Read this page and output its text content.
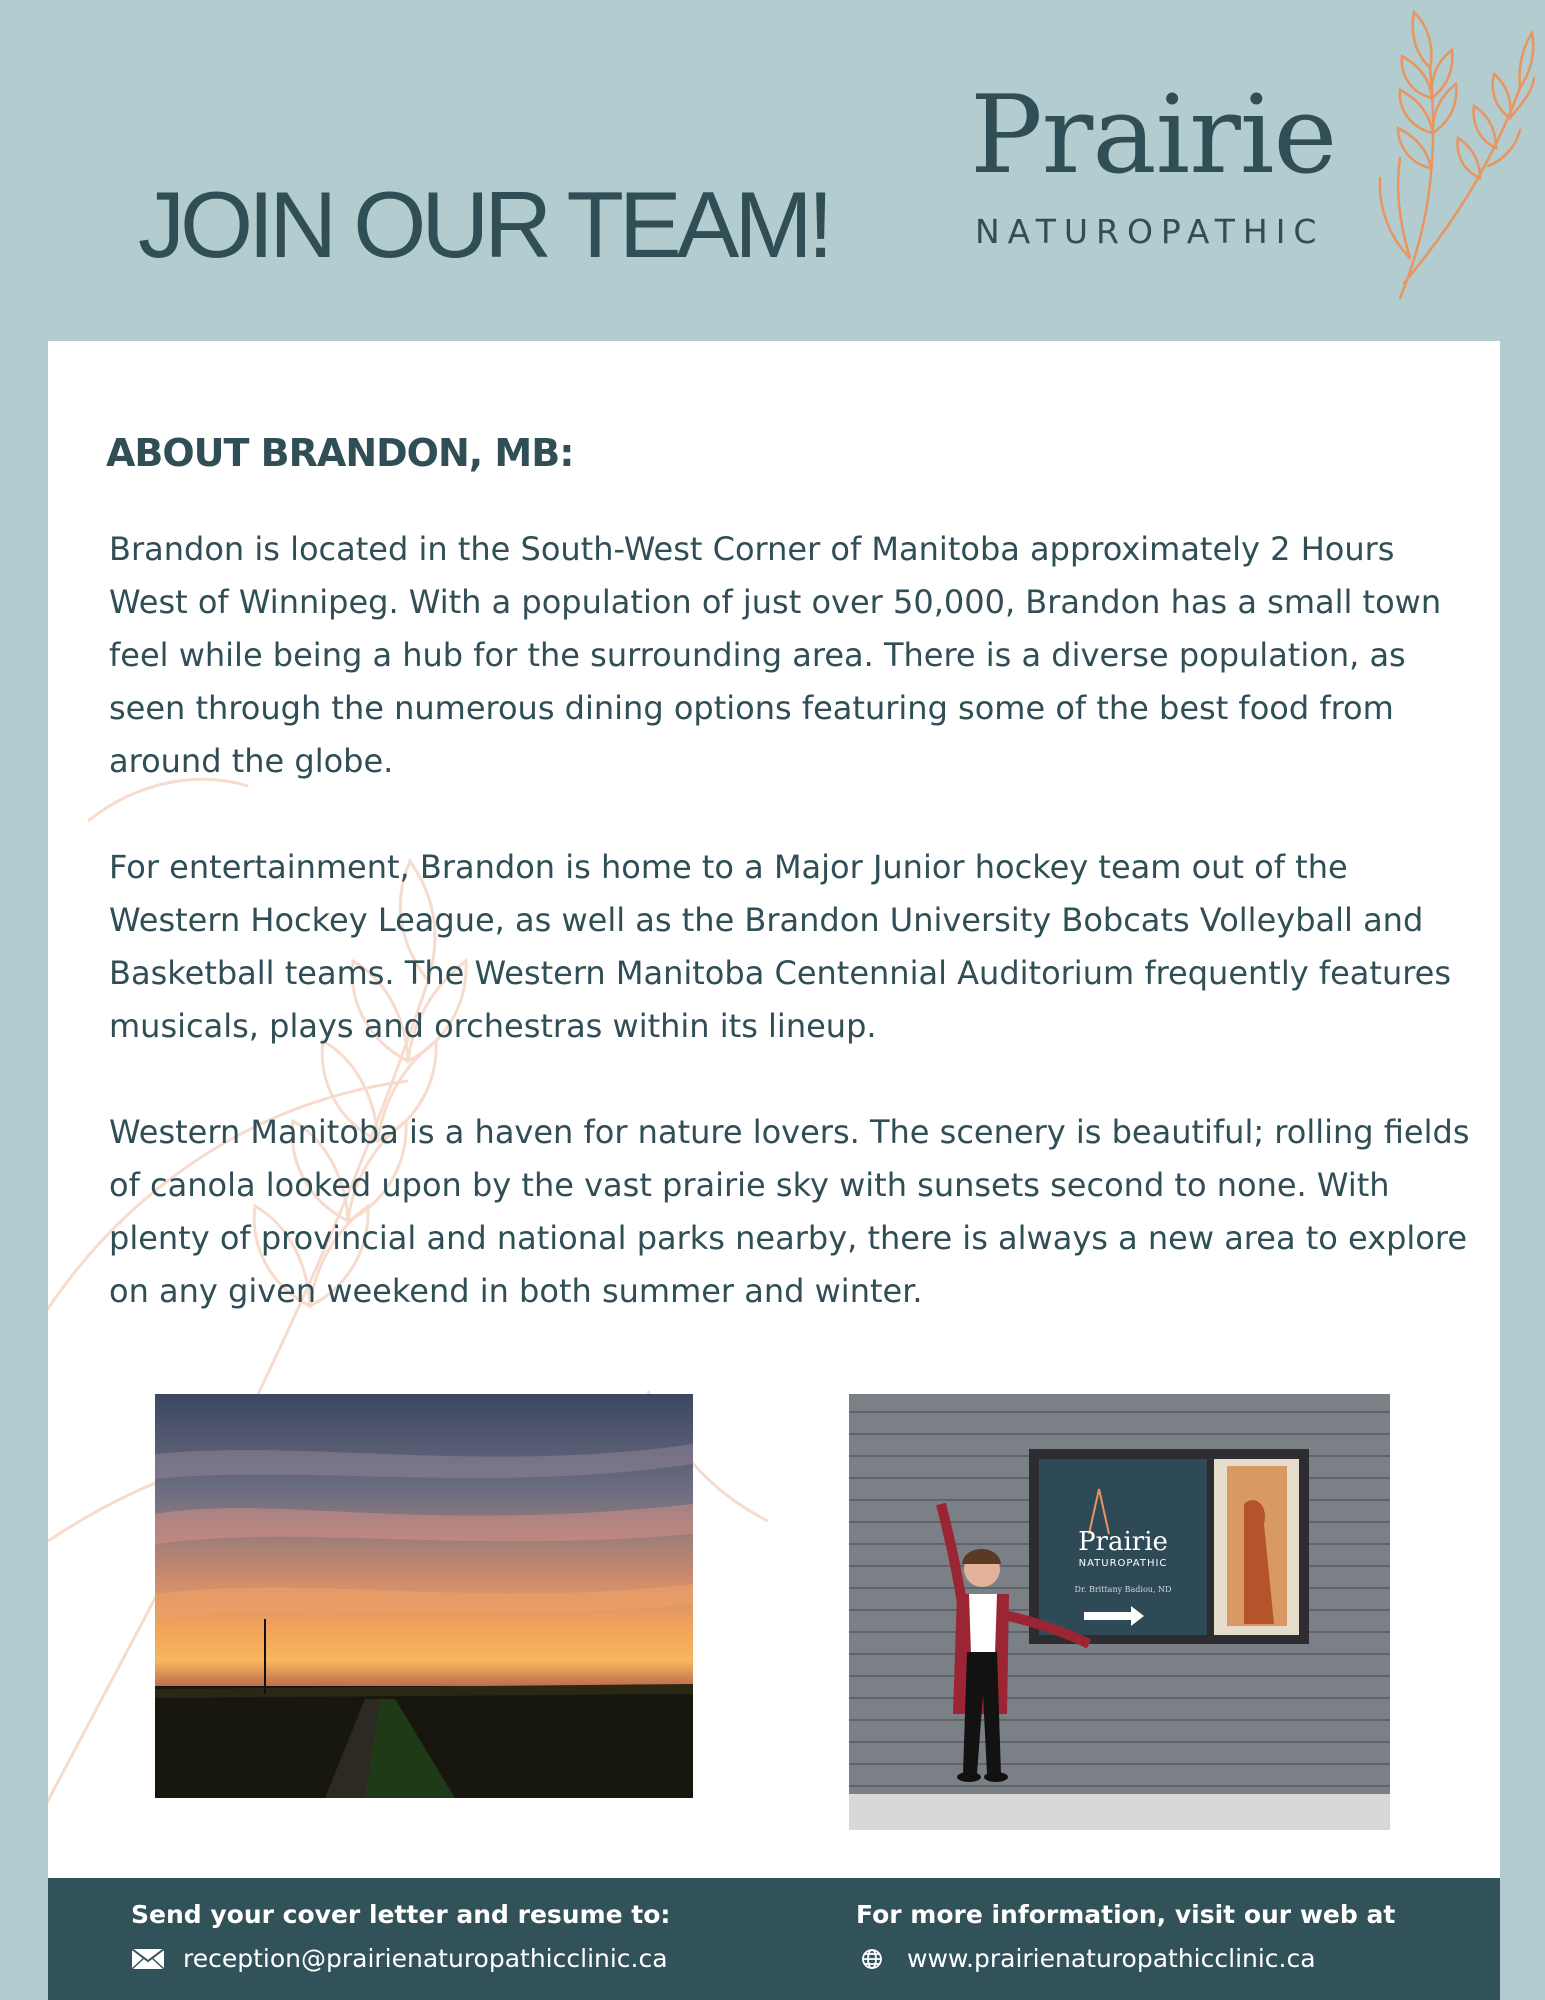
JOIN OUR TEAM!
Prairie
NATUROPATHIC
ABOUT BRANDON, MB:

Brandon is located in the South-West Corner of Manitoba approximately 2 Hours West of Winnipeg. With a population of just over 50,000, Brandon has a small town feel while being a hub for the surrounding area. There is a diverse population, as seen through the numerous dining options featuring some of the best food from around the globe.

For entertainment, Brandon is home to a Major Junior hockey team out of the Western Hockey League, as well as the Brandon University Bobcats Volleyball and Basketball teams. The Western Manitoba Centennial Auditorium frequently features musicals, plays and orchestras within its lineup.

Western Manitoba is a haven for nature lovers. The scenery is beautiful; rolling fields of canola looked upon by the vast prairie sky with sunsets second to none. With plenty of provincial and national parks nearby, there is always a new area to explore on any given weekend in both summer and winter.

Prairie
NATUROPATHIC
Dr. Brittany Badiou, ND

Send your cover letter and resume to:

reception@prairienaturopathicclinic.ca

For more information, visit our web at

www.prairienaturopathicclinic.ca
